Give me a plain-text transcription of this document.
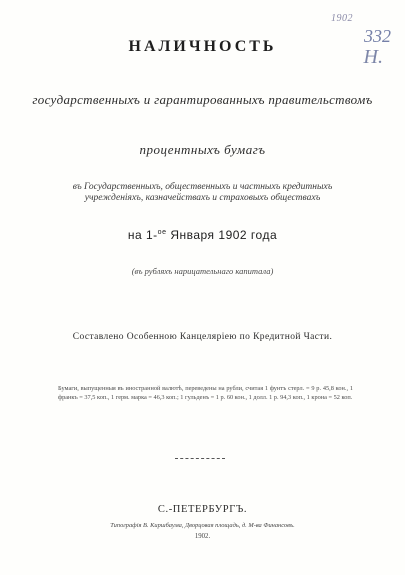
1902
332
Н.
НАЛИЧНОСТЬ
государственныхъ и гарантированныхъ правительствомъ
процентныхъ бумагъ
въ Государственныхъ, общественныхъ и частныхъ кредитныхъ
учрежденіяхъ, казначействахъ и страховыхъ обществахъ
на 1-$^{ое}$ Января 1902 года
(въ рубляхъ нарицательнаго капитала)
Составлено Особенною Канцеляріею по Кредитной Части.
Бумаги, выпущенныя въ иностранной валютѣ, переведены на рубли, считая 1 фунтъ стерл. = 9 р. 45,8 кон., 1 франкъ = 37,5 коп., 1 герм. марка = 46,3 коп.; 1 гульденъ = 1 р. 60 кон., 1 долл. 1 р. 94,3 коп., 1 крона = 52 коп.
С.-ПЕТЕРБУРГЪ.
Типографія В. Киршбаума, Дворцовая площадь, д. М-ва Финансовъ.
1902.
